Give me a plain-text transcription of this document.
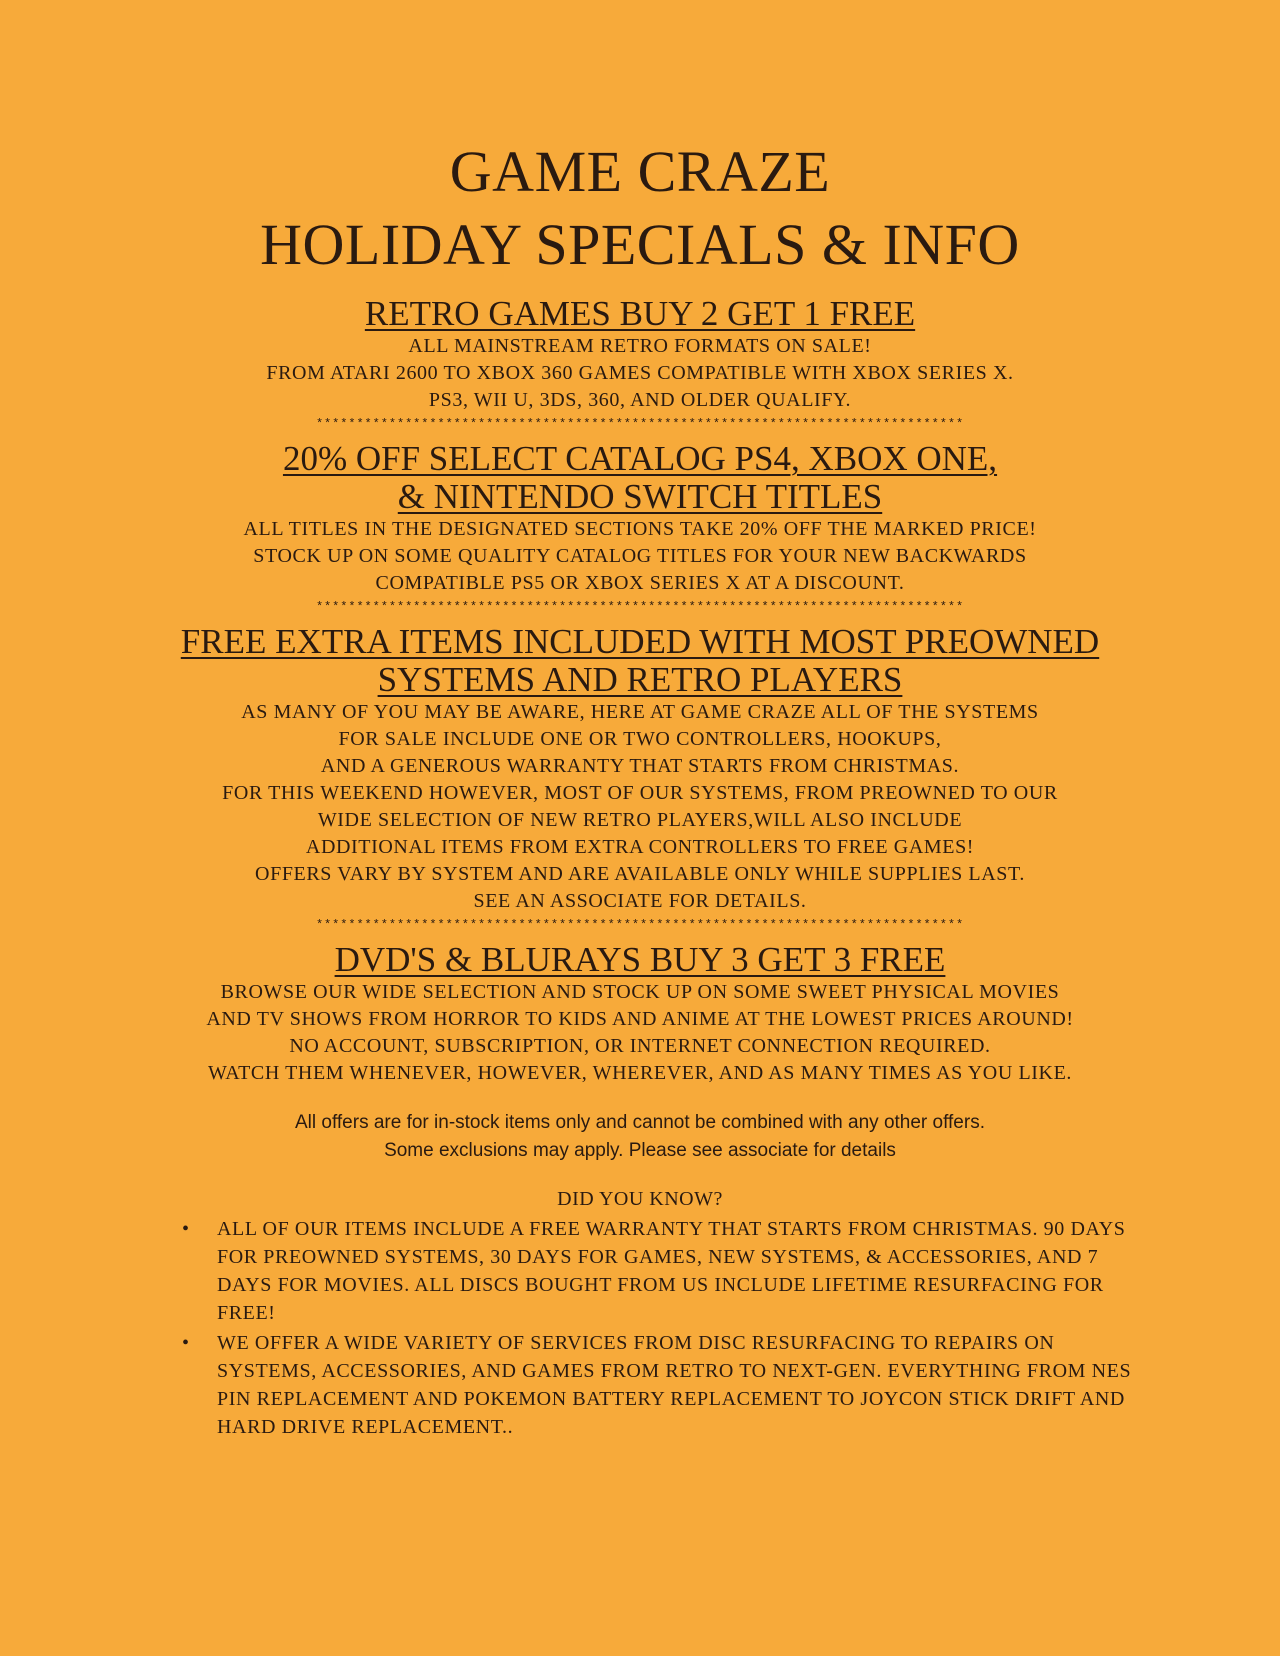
GAME CRAZE
HOLIDAY SPECIALS & INFO

RETRO GAMES BUY 2 GET 1 FREE

ALL MAINSTREAM RETRO FORMATS ON SALE!

FROM ATARI 2600 TO XBOX 360 GAMES COMPATIBLE WITH XBOX SERIES X.

PS3, WII U, 3DS, 360, AND OLDER QUALIFY.

********************************************************************************

20% OFF SELECT CATALOG PS4, XBOX ONE,

& NINTENDO SWITCH TITLES

ALL TITLES IN THE DESIGNATED SECTIONS TAKE 20% OFF THE MARKED PRICE!

STOCK UP ON SOME QUALITY CATALOG TITLES FOR YOUR NEW BACKWARDS

COMPATIBLE PS5 OR XBOX SERIES X AT A DISCOUNT.

********************************************************************************

FREE EXTRA ITEMS INCLUDED WITH MOST PREOWNED

SYSTEMS AND RETRO PLAYERS

AS MANY OF YOU MAY BE AWARE, HERE AT GAME CRAZE ALL OF THE SYSTEMS

FOR SALE INCLUDE ONE OR TWO CONTROLLERS, HOOKUPS,

AND A GENEROUS WARRANTY THAT STARTS FROM CHRISTMAS.

FOR THIS WEEKEND HOWEVER, MOST OF OUR SYSTEMS, FROM PREOWNED TO OUR

WIDE SELECTION OF NEW RETRO PLAYERS,WILL ALSO INCLUDE

ADDITIONAL ITEMS FROM EXTRA CONTROLLERS TO FREE GAMES!

OFFERS VARY BY SYSTEM AND ARE AVAILABLE ONLY WHILE SUPPLIES LAST.

SEE AN ASSOCIATE FOR DETAILS.

********************************************************************************

DVD'S & BLURAYS BUY 3 GET 3 FREE

BROWSE OUR WIDE SELECTION AND STOCK UP ON SOME SWEET PHYSICAL MOVIES

AND TV SHOWS FROM HORROR TO KIDS AND ANIME AT THE LOWEST PRICES AROUND!

NO ACCOUNT, SUBSCRIPTION, OR INTERNET CONNECTION REQUIRED.

WATCH THEM WHENEVER, HOWEVER, WHEREVER, AND AS MANY TIMES AS YOU LIKE.

All offers are for in-stock items only and cannot be combined with any other offers.
Some exclusions may apply. Please see associate for details
DID YOU KNOW?
• ALL OF OUR ITEMS INCLUDE A FREE WARRANTY THAT STARTS FROM CHRISTMAS. 90 DAYS FOR PREOWNED SYSTEMS, 30 DAYS FOR GAMES, NEW SYSTEMS, & ACCESSORIES, AND 7 DAYS FOR MOVIES. ALL DISCS BOUGHT FROM US INCLUDE LIFETIME RESURFACING FOR FREE!
• WE OFFER A WIDE VARIETY OF SERVICES FROM DISC RESURFACING TO REPAIRS ON SYSTEMS, ACCESSORIES, AND GAMES FROM RETRO TO NEXT-GEN. EVERYTHING FROM NES PIN REPLACEMENT AND POKEMON BATTERY REPLACEMENT TO JOYCON STICK DRIFT AND HARD DRIVE REPLACEMENT..
